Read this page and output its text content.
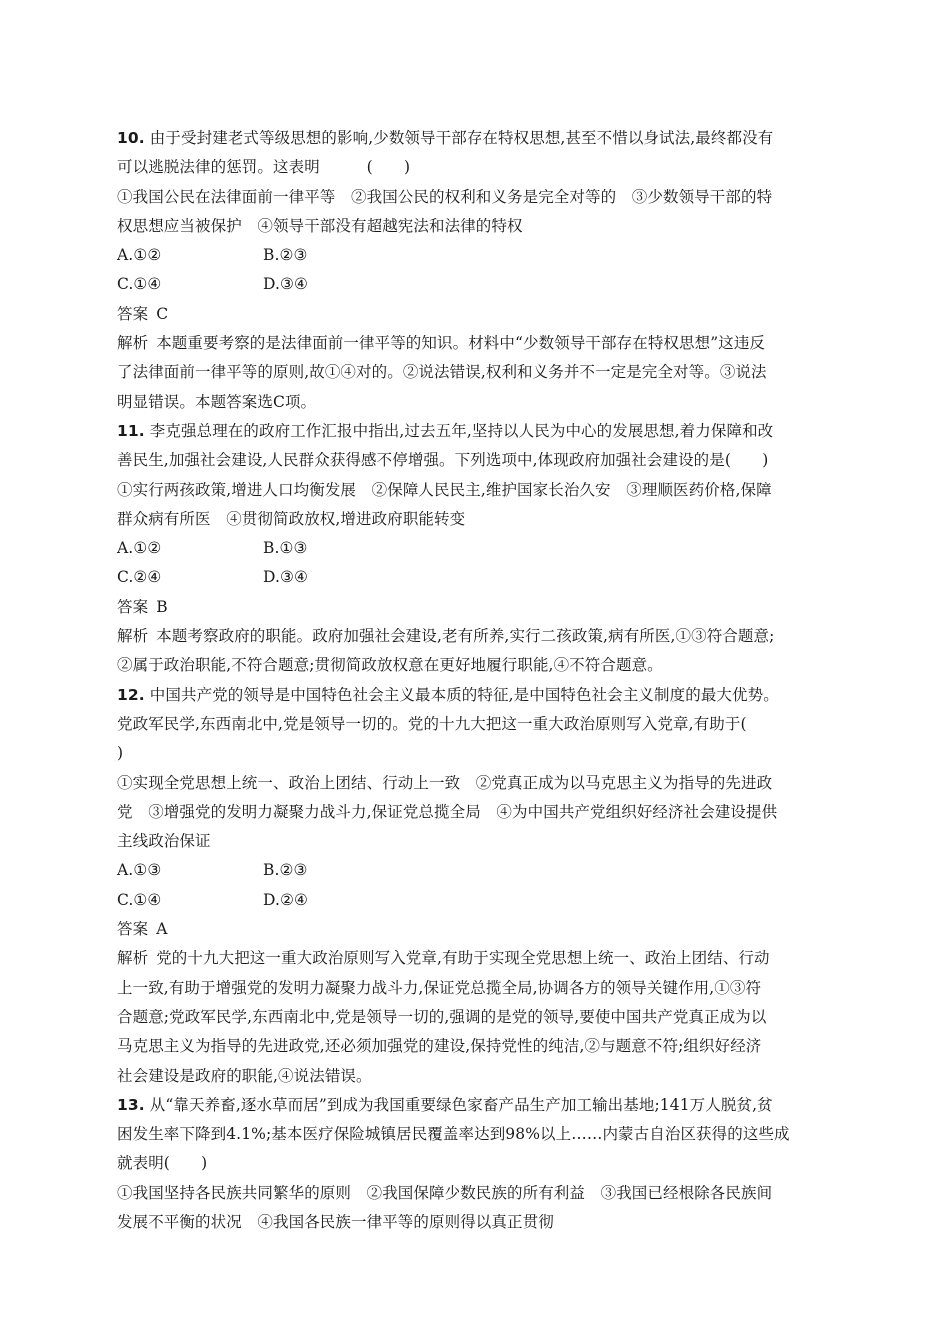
10. 由于受封建老式等级思想的影响,少数领导干部存在特权思想,甚至不惜以身试法,最终都没有
可以逃脱法律的惩罚。这表明　　　(　　)
①我国公民在法律面前一律平等　②我国公民的权利和义务是完全对等的　③少数领导干部的特
权思想应当被保护　④领导干部没有超越宪法和法律的特权
A.①②	B.②③
C.①④	D.③④
答案 C
解析 本题重要考察的是法律面前一律平等的知识。材料中“少数领导干部存在特权思想”这违反
了法律面前一律平等的原则,故①④对的。②说法错误,权利和义务并不一定是完全对等。③说法
明显错误。本题答案选C项。
11. 李克强总理在的政府工作汇报中指出,过去五年,坚持以人民为中心的发展思想,着力保障和改
善民生,加强社会建设,人民群众获得感不停增强。下列选项中,体现政府加强社会建设的是(　　)
①实行两孩政策,增进人口均衡发展　②保障人民民主,维护国家长治久安　③理顺医药价格,保障
群众病有所医　④贯彻简政放权,增进政府职能转变
A.①②	B.①③
C.②④	D.③④
答案 B
解析 本题考察政府的职能。政府加强社会建设,老有所养,实行二孩政策,病有所医,①③符合题意;
②属于政治职能,不符合题意;贯彻简政放权意在更好地履行职能,④不符合题意。
12. 中国共产党的领导是中国特色社会主义最本质的特征,是中国特色社会主义制度的最大优势。
党政军民学,东西南北中,党是领导一切的。党的十九大把这一重大政治原则写入党章,有助于(
)
①实现全党思想上统一、政治上团结、行动上一致　②党真正成为以马克思主义为指导的先进政
党　③增强党的发明力凝聚力战斗力,保证党总揽全局　④为中国共产党组织好经济社会建设提供
主线政治保证
A.①③	B.②③
C.①④	D.②④
答案 A
解析 党的十九大把这一重大政治原则写入党章,有助于实现全党思想上统一、政治上团结、行动
上一致,有助于增强党的发明力凝聚力战斗力,保证党总揽全局,协调各方的领导关键作用,①③符
合题意;党政军民学,东西南北中,党是领导一切的,强调的是党的领导,要使中国共产党真正成为以
马克思主义为指导的先进政党,还必须加强党的建设,保持党性的纯洁,②与题意不符;组织好经济
社会建设是政府的职能,④说法错误。
13. 从“靠天养畜,逐水草而居”到成为我国重要绿色家畜产品生产加工输出基地;141万人脱贫,贫
困发生率下降到4.1%;基本医疗保险城镇居民覆盖率达到98%以上……内蒙古自治区获得的这些成
就表明(　　)
①我国坚持各民族共同繁华的原则　②我国保障少数民族的所有利益　③我国已经根除各民族间
发展不平衡的状况　④我国各民族一律平等的原则得以真正贯彻
